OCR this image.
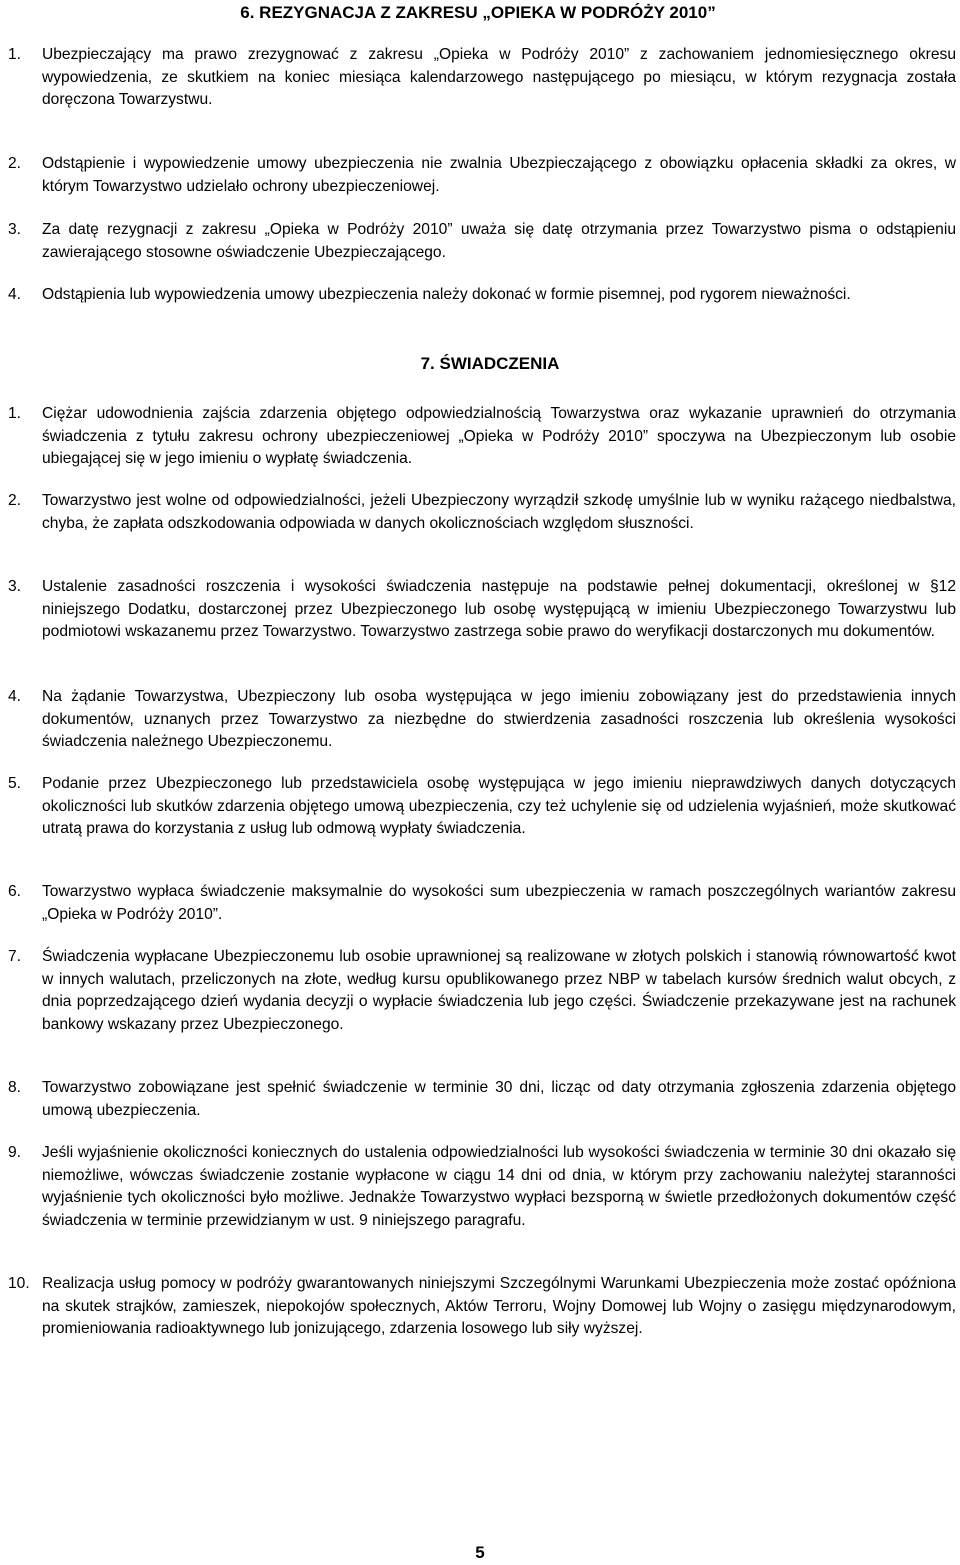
6. REZYGNACJA Z ZAKRESU „OPIEKA W PODRÓŻY 2010”
1. Ubezpieczający ma prawo zrezygnować z zakresu „Opieka w Podróży 2010” z zachowaniem jednomiesięcznego okresu wypowiedzenia, ze skutkiem na koniec miesiąca kalendarzowego następującego po miesiącu, w którym rezygnacja została doręczona Towarzystwu.
2. Odstąpienie i wypowiedzenie umowy ubezpieczenia nie zwalnia Ubezpieczającego z obowiązku opłacenia składki za okres, w którym Towarzystwo udzielało ochrony ubezpieczeniowej.
3. Za datę rezygnacji z zakresu „Opieka w Podróży 2010” uważa się datę otrzymania przez Towarzystwo pisma o odstąpieniu zawierającego stosowne oświadczenie Ubezpieczającego.
4. Odstąpienia lub wypowiedzenia umowy ubezpieczenia należy dokonać w formie pisemnej, pod rygorem nieważności.
7. ŚWIADCZENIA
1. Ciężar udowodnienia zajścia zdarzenia objętego odpowiedzialnością Towarzystwa oraz wykazanie uprawnień do otrzymania świadczenia z tytułu zakresu ochrony ubezpieczeniowej „Opieka w Podróży 2010” spoczywa na Ubezpieczonym lub osobie ubiegającej się w jego imieniu o wypłatę świadczenia.
2. Towarzystwo jest wolne od odpowiedzialności, jeżeli Ubezpieczony wyrządził szkodę umyślnie lub w wyniku rażącego niedbalstwa, chyba, że zapłata odszkodowania odpowiada w danych okolicznościach względom słuszności.
3. Ustalenie zasadności roszczenia i wysokości świadczenia następuje na podstawie pełnej dokumentacji, określonej w §12 niniejszego Dodatku, dostarczonej przez Ubezpieczonego lub osobę występującą w imieniu Ubezpieczonego Towarzystwu lub podmiotowi wskazanemu przez Towarzystwo. Towarzystwo zastrzega sobie prawo do weryfikacji dostarczonych mu dokumentów.
4. Na żądanie Towarzystwa, Ubezpieczony lub osoba występująca w jego imieniu zobowiązany jest do przedstawienia innych dokumentów, uznanych przez Towarzystwo za niezbędne do stwierdzenia zasadności roszczenia lub określenia wysokości świadczenia należnego Ubezpieczonemu.
5. Podanie przez Ubezpieczonego lub przedstawiciela osobę występująca w jego imieniu nieprawdziwych danych dotyczących okoliczności lub skutków zdarzenia objętego umową ubezpieczenia, czy też uchylenie się od udzielenia wyjaśnień, może skutkować utratą prawa do korzystania z usług lub odmową wypłaty świadczenia.
6. Towarzystwo wypłaca świadczenie maksymalnie do wysokości sum ubezpieczenia w ramach poszczególnych wariantów zakresu „Opieka w Podróży 2010”.
7. Świadczenia wypłacane Ubezpieczonemu lub osobie uprawnionej są realizowane w złotych polskich i stanowią równowartość kwot w innych walutach, przeliczonych na złote, według kursu opublikowanego przez NBP w tabelach kursów średnich walut obcych, z dnia poprzedzającego dzień wydania decyzji o wypłacie świadczenia lub jego części. Świadczenie przekazywane jest na rachunek bankowy wskazany przez Ubezpieczonego.
8. Towarzystwo zobowiązane jest spełnić świadczenie w terminie 30 dni, licząc od daty otrzymania zgłoszenia zdarzenia objętego umową ubezpieczenia.
9. Jeśli wyjaśnienie okoliczności koniecznych do ustalenia odpowiedzialności lub wysokości świadczenia w terminie 30 dni okazało się niemożliwe, wówczas świadczenie zostanie wypłacone w ciągu 14 dni od dnia, w którym przy zachowaniu należytej staranności wyjaśnienie tych okoliczności było możliwe. Jednakże Towarzystwo wypłaci bezsporną w świetle przedłożonych dokumentów część świadczenia w terminie przewidzianym w ust. 9 niniejszego paragrafu.
10. Realizacja usług pomocy w podróży gwarantowanych niniejszymi Szczególnymi Warunkami Ubezpieczenia może zostać opóźniona na skutek strajków, zamieszek, niepokojów społecznych, Aktów Terroru, Wojny Domowej lub Wojny o zasięgu międzynarodowym, promieniowania radioaktywnego lub jonizującego, zdarzenia losowego lub siły wyższej.
5
